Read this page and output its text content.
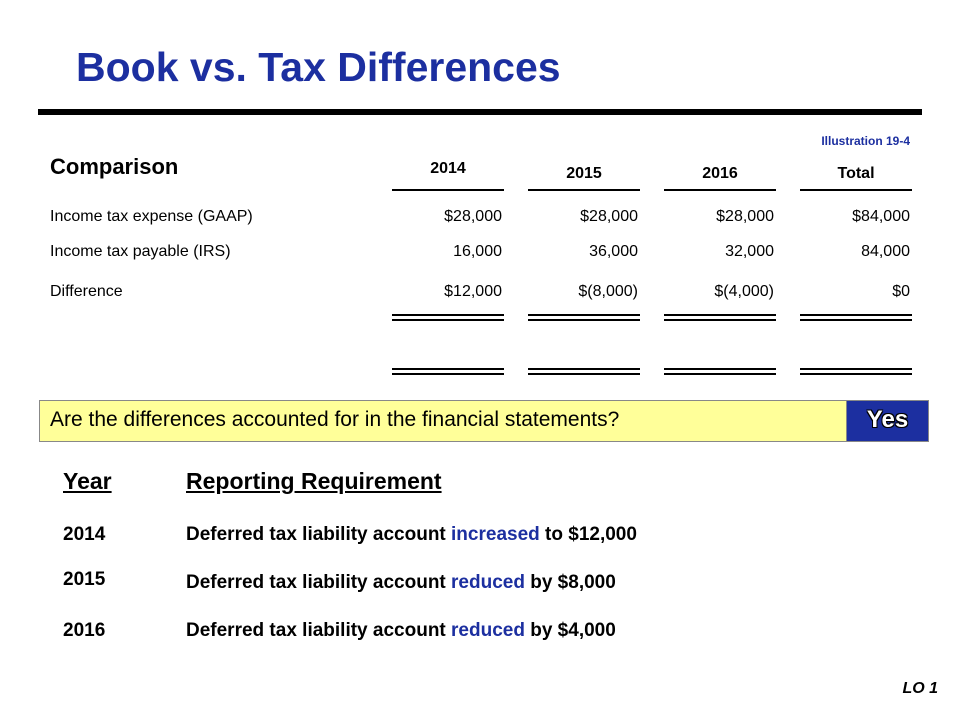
Book vs. Tax Differences
Illustration 19-4
Comparison	2014	2015	2016	Total
Income tax expense (GAAP)	$28,000	$28,000	$28,000	$84,000
Income tax payable (IRS)	16,000	36,000	32,000	84,000
Difference	$12,000	$(8,000)	$(4,000)	$0
Are the differences accounted for in the financial statements?	Yes
Year	Reporting Requirement
2014	Deferred tax liability account increased to $12,000
2015	Deferred tax liability account reduced by $8,000
2016	Deferred tax liability account reduced by $4,000
LO 1
